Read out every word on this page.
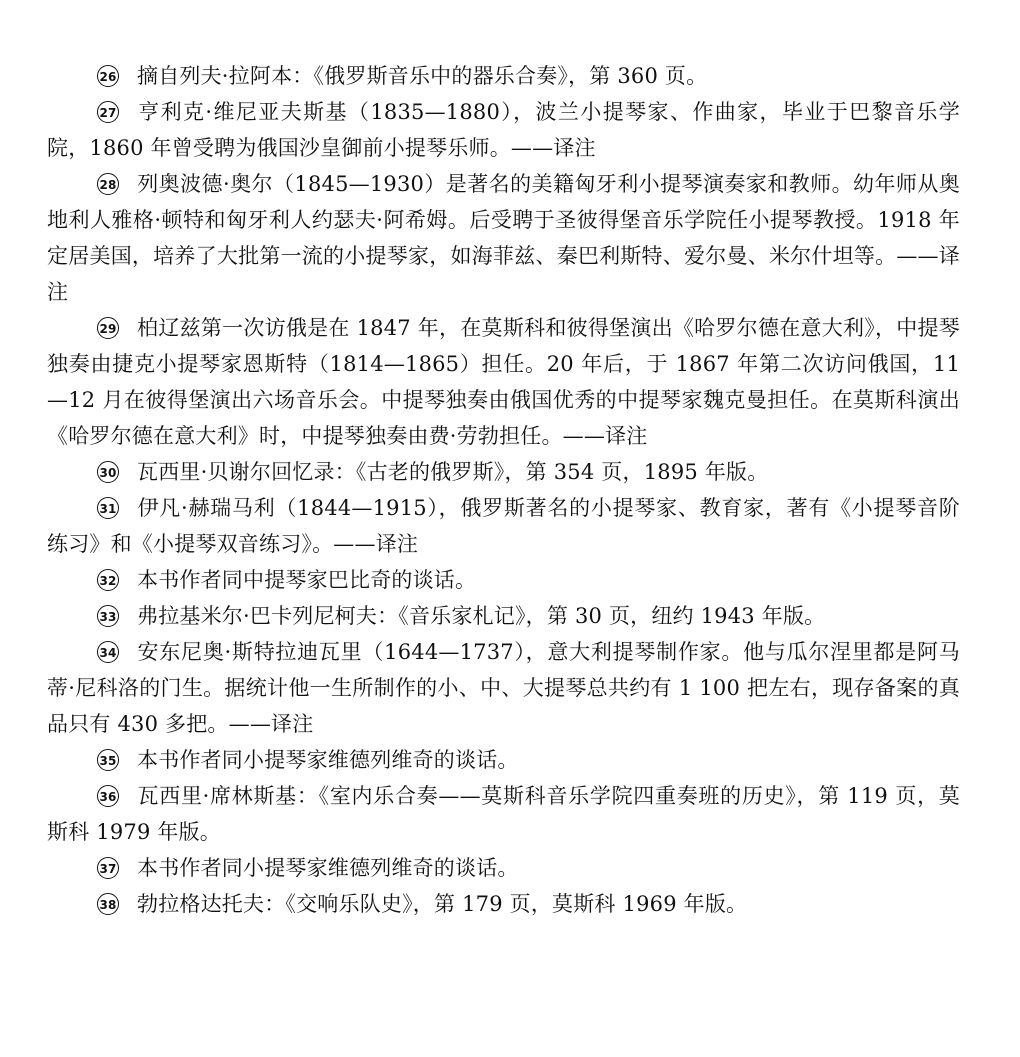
26 摘自列夫·拉阿本：《俄罗斯音乐中的器乐合奏》，第 360 页。

27 亨利克·维尼亚夫斯基（1835—1880），波兰小提琴家、作曲家，毕业于巴黎音乐学院，1860 年曾受聘为俄国沙皇御前小提琴乐师。——译注

28 列奥波德·奥尔（1845—1930）是著名的美籍匈牙利小提琴演奏家和教师。幼年师从奥地利人雅格·顿特和匈牙利人约瑟夫·阿希姆。后受聘于圣彼得堡音乐学院任小提琴教授。1918 年定居美国，培养了大批第一流的小提琴家，如海菲兹、秦巴利斯特、爱尔曼、米尔什坦等。——译注

29 柏辽兹第一次访俄是在 1847 年，在莫斯科和彼得堡演出《哈罗尔德在意大利》，中提琴独奏由捷克小提琴家恩斯特（1814—1865）担任。20 年后，于 1867 年第二次访问俄国，11—12 月在彼得堡演出六场音乐会。中提琴独奏由俄国优秀的中提琴家魏克曼担任。在莫斯科演出《哈罗尔德在意大利》时，中提琴独奏由费·劳勃担任。——译注

30 瓦西里·贝谢尔回忆录：《古老的俄罗斯》，第 354 页，1895 年版。

31 伊凡·赫瑞马利（1844—1915），俄罗斯著名的小提琴家、教育家，著有《小提琴音阶练习》和《小提琴双音练习》。——译注

32 本书作者同中提琴家巴比奇的谈话。

33 弗拉基米尔·巴卡列尼柯夫：《音乐家札记》，第 30 页，纽约 1943 年版。

34 安东尼奥·斯特拉迪瓦里（1644—1737），意大利提琴制作家。他与瓜尔涅里都是阿马蒂·尼科洛的门生。据统计他一生所制作的小、中、大提琴总共约有 1 100 把左右，现存备案的真品只有 430 多把。——译注

35 本书作者同小提琴家维德列维奇的谈话。

36 瓦西里·席林斯基：《室内乐合奏——莫斯科音乐学院四重奏班的历史》，第 119 页，莫斯科 1979 年版。

37 本书作者同小提琴家维德列维奇的谈话。

38 勃拉格达托夫：《交响乐队史》，第 179 页，莫斯科 1969 年版。
